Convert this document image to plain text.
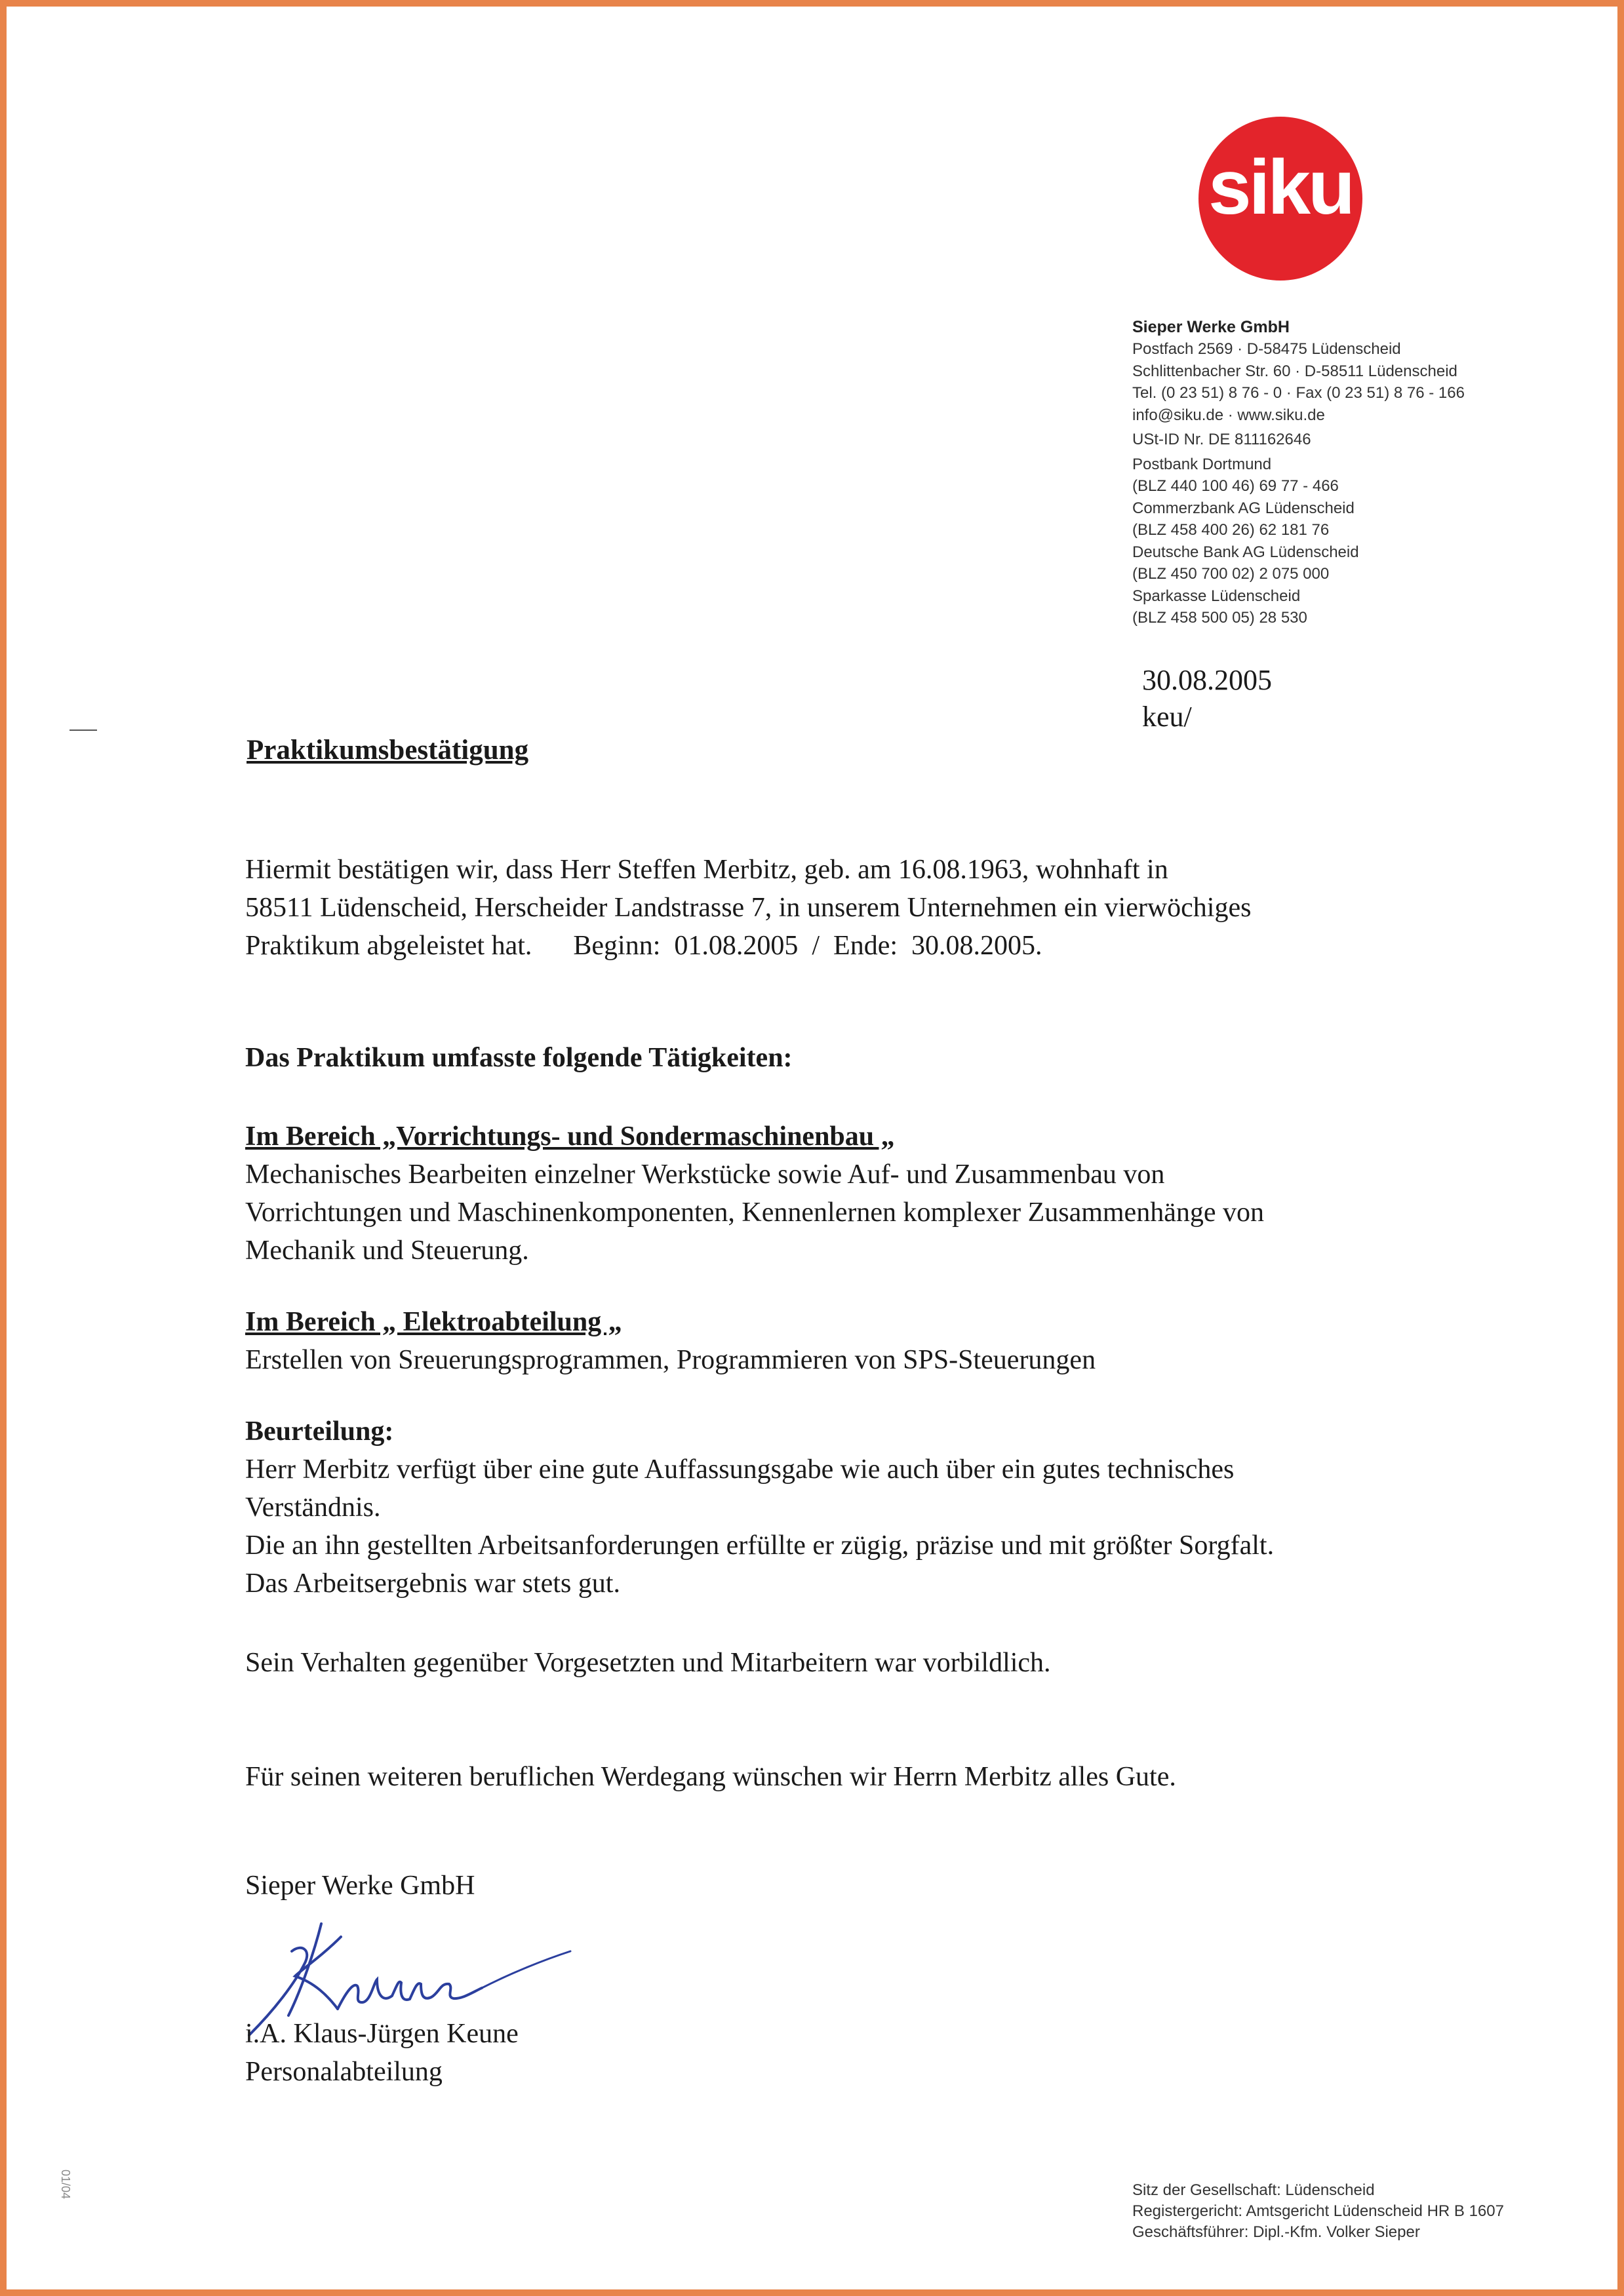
siku
Sieper Werke GmbH
Postfach 2569 · D-58475 Lüdenscheid
Schlittenbacher Str. 60 · D-58511 Lüdenscheid
Tel. (0 23 51) 8 76 - 0 · Fax (0 23 51) 8 76 - 166
info@siku.de · www.siku.de
USt-ID Nr. DE 811162646
Postbank Dortmund
(BLZ 440 100 46) 69 77 - 466
Commerzbank AG Lüdenscheid
(BLZ 458 400 26) 62 181 76
Deutsche Bank AG Lüdenscheid
(BLZ 450 700 02) 2 075 000
Sparkasse Lüdenscheid
(BLZ 458 500 05) 28 530
30.08.2005
keu/
Praktikumsbestätigung
Hiermit bestätigen wir, dass Herr Steffen Merbitz, geb. am 16.08.1963, wohnhaft in
58511 Lüdenscheid, Herscheider Landstrasse 7, in unserem Unternehmen ein vierwöchiges
Praktikum abgeleistet hat.      Beginn:  01.08.2005  /  Ende:  30.08.2005.
Das Praktikum umfasste folgende Tätigkeiten:
Im Bereich „Vorrichtungs- und Sondermaschinenbau „
Mechanisches Bearbeiten einzelner Werkstücke sowie Auf- und Zusammenbau von
Vorrichtungen und Maschinenkomponenten, Kennenlernen komplexer Zusammenhänge von
Mechanik und Steuerung.
Im Bereich „ Elektroabteilung „
Erstellen von Sreuerungsprogrammen, Programmieren von SPS-Steuerungen
Beurteilung:
Herr Merbitz verfügt über eine gute Auffassungsgabe wie auch über ein gutes technisches
Verständnis.
Die an ihn gestellten Arbeitsanforderungen erfüllte er zügig, präzise und mit größter Sorgfalt.
Das Arbeitsergebnis war stets gut.
Sein Verhalten gegenüber Vorgesetzten und Mitarbeitern war vorbildlich.
Für seinen weiteren beruflichen Werdegang wünschen wir Herrn Merbitz alles Gute.
Sieper Werke GmbH
i.A. Klaus-Jürgen Keune
Personalabteilung
Sitz der Gesellschaft: Lüdenscheid
Registergericht: Amtsgericht Lüdenscheid HR B 1607
Geschäftsführer: Dipl.-Kfm. Volker Sieper
01/04
